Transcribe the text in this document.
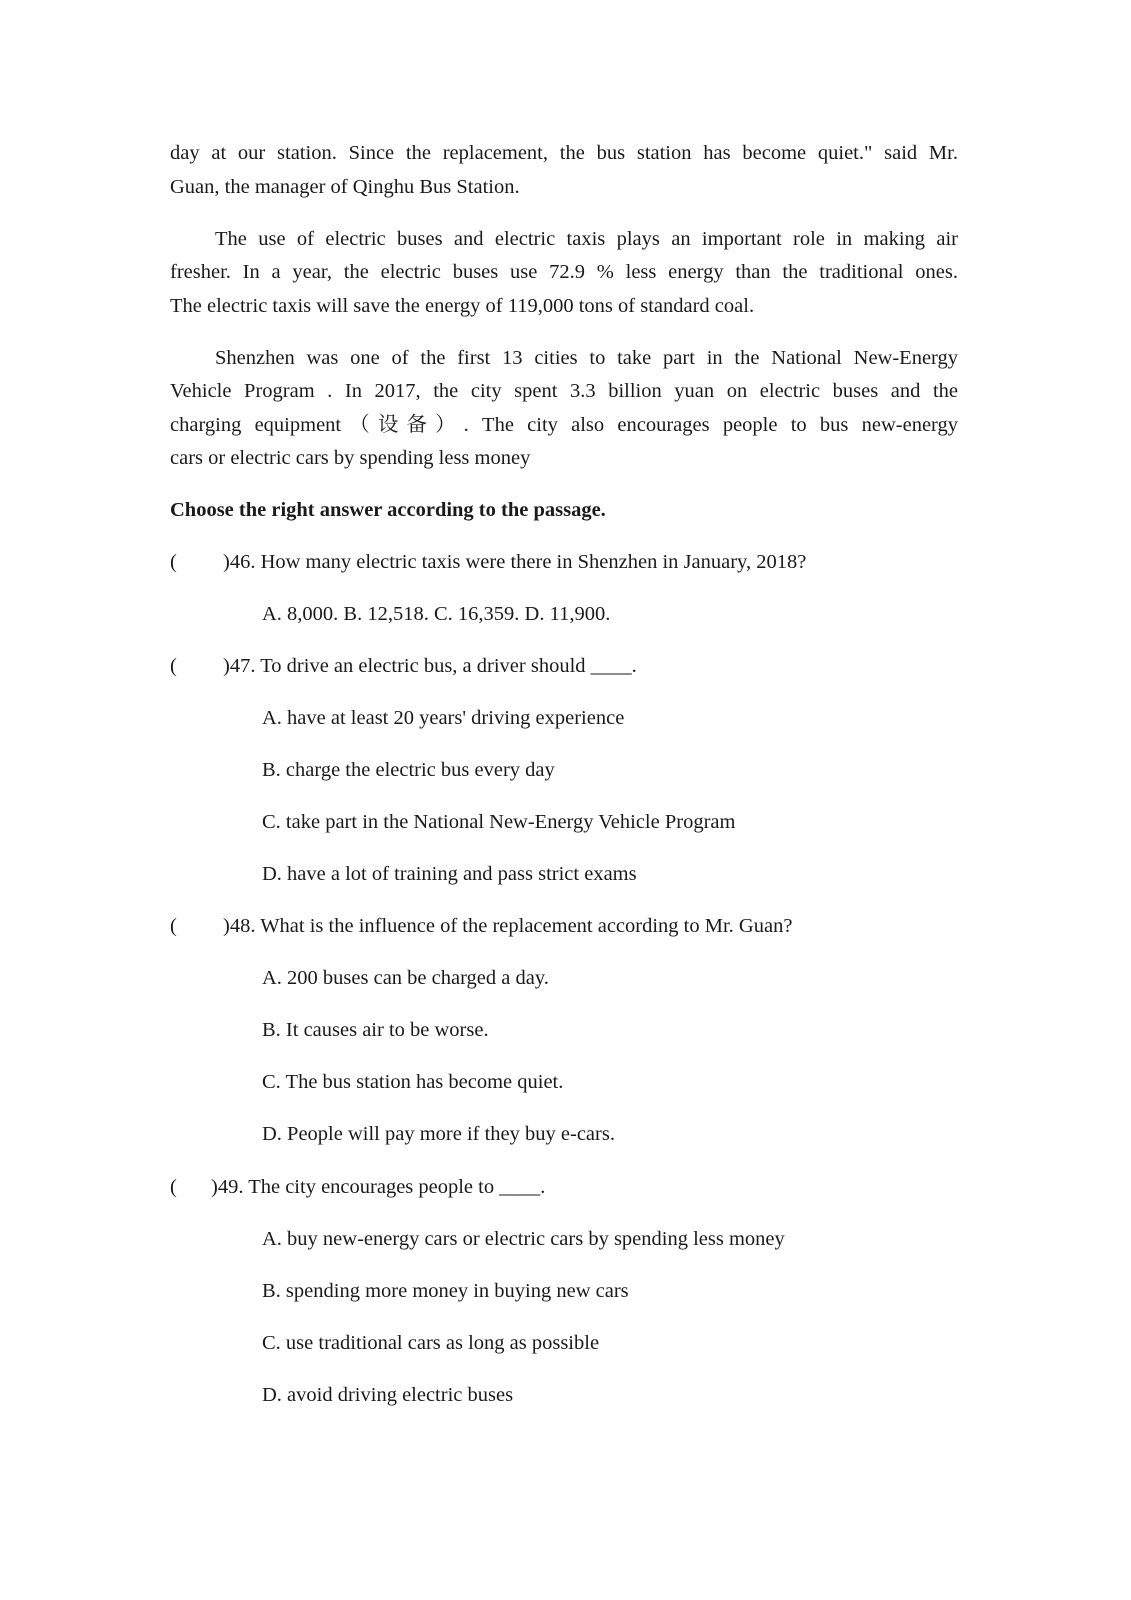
day at our station. Since the replacement, the bus station has become quiet." said Mr.
Guan, the manager of Qinghu Bus Station.
The use of electric buses and electric taxis plays an important role in making air
fresher. In a year, the electric buses use 72.9 % less energy than the traditional ones.
The electric taxis will save the energy of 119,000 tons of standard coal.
Shenzhen was one of the first 13 cities to take part in the National New-Energy
Vehicle Program . In 2017, the city spent 3.3 billion yuan on electric buses and the
charging equipment（设备）. The city also encourages people to bus new-energy
cars or electric cars by spending less money
Choose the right answer according to the passage.
( )46. How many electric taxis were there in Shenzhen in January, 2018?
A. 8,000. B. 12,518. C. 16,359. D. 11,900.
( )47. To drive an electric bus, a driver should ____.
A. have at least 20 years' driving experience
B. charge the electric bus every day
C. take part in the National New-Energy Vehicle Program
D. have a lot of training and pass strict exams
( )48. What is the influence of the replacement according to Mr. Guan?
A. 200 buses can be charged a day.
B. It causes air to be worse.
C. The bus station has become quiet.
D. People will pay more if they buy e-cars.
( )49. The city encourages people to ____.
A. buy new-energy cars or electric cars by spending less money
B. spending more money in buying new cars
C. use traditional cars as long as possible
D. avoid driving electric buses
